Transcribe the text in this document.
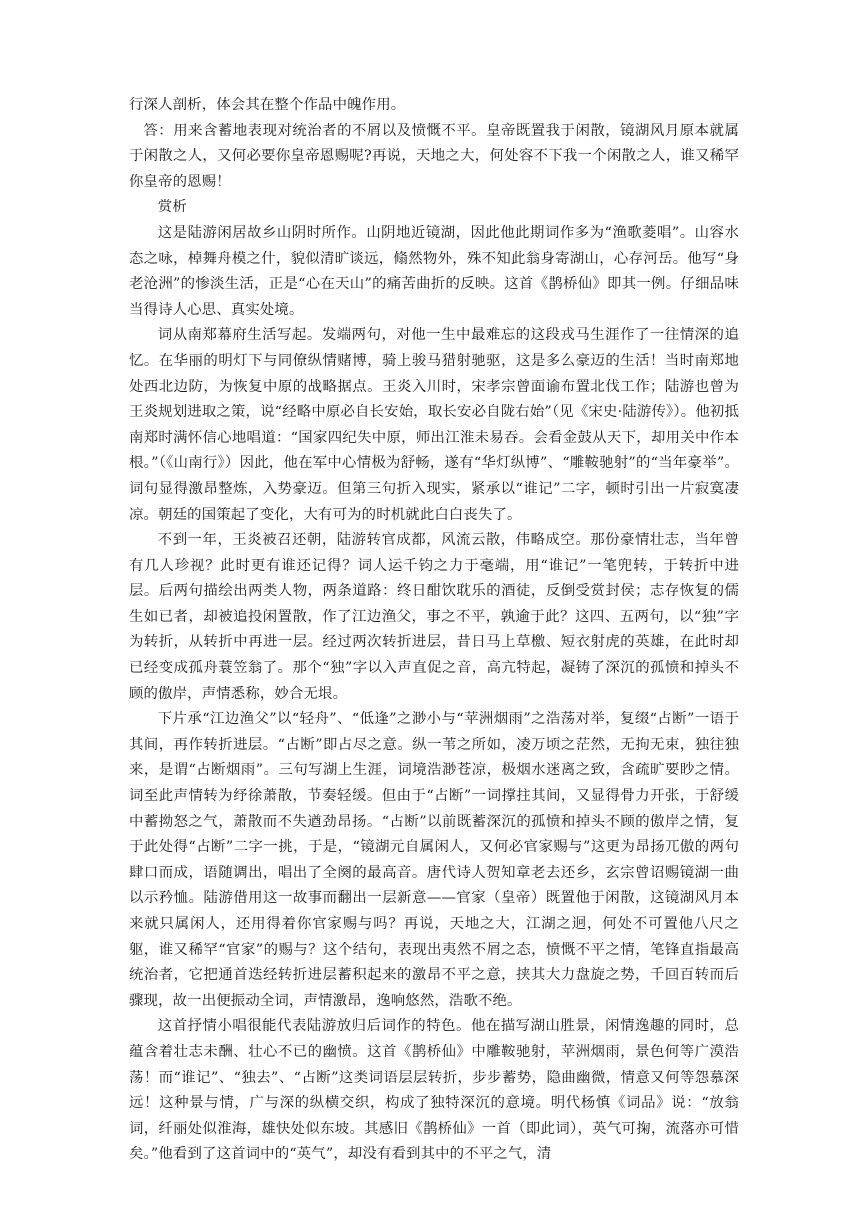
行深人剖析，体会其在整个作品中魄作用。

答：用来含蓄地表现对统治者的不屑以及愤慨不平。皇帝既置我于闲散，镜湖风月原本就属于闲散之人，又何必要你皇帝恩赐呢?再说，天地之大，何处容不下我一个闲散之人，谁又稀罕你皇帝的恩赐！

赏析

这是陆游闲居故乡山阴时所作。山阴地近镜湖，因此他此期词作多为“渔歌菱唱”。山容水态之咏，棹舞舟模之什，貌似清旷谈远，翛然物外，殊不知此翁身寄湖山，心存河岳。他写“身老沧洲”的惨淡生活，正是“心在天山”的痛苦曲折的反映。这首《鹊桥仙》即其一例。仔细品味当得诗人心思、真实处境。

词从南郑幕府生活写起。发端两句，对他一生中最难忘的这段戎马生涯作了一往情深的追忆。在华丽的明灯下与同僚纵情赌博，骑上骏马猎射驰驱，这是多么豪迈的生活！当时南郑地处西北边防，为恢复中原的战略据点。王炎入川时，宋孝宗曾面谕布置北伐工作；陆游也曾为王炎规划进取之策，说“经略中原必自长安始，取长安必自陇右始”（见《宋史·陆游传》）。他初抵南郑时满怀信心地唱道：“国家四纪失中原，师出江淮未易吞。会看金鼓从天下，却用关中作本根。”（《山南行》）因此，他在军中心情极为舒畅，遂有“华灯纵博”、“雕鞍驰射”的“当年豪举”。词句显得激昂整炼，入势豪迈。但第三句折入现实，紧承以“谁记”二字，顿时引出一片寂寞凄凉。朝廷的国策起了变化，大有可为的时机就此白白丧失了。

不到一年，王炎被召还朝，陆游转官成都，风流云散，伟略成空。那份豪情壮志，当年曾有几人珍视？此时更有谁还记得？词人运千钧之力于毫端，用“谁记”一笔兜转，于转折中进层。后两句描绘出两类人物，两条道路：终日酣饮耽乐的酒徒，反倒受赏封侯；志存恢复的儒生如已者，却被追投闲置散，作了江边渔父，事之不平，孰逾于此？这四、五两句，以“独”字为转折，从转折中再进一层。经过两次转折进层，昔日马上草檄、短衣射虎的英雄，在此时却已经变成孤舟蓑笠翁了。那个“独”字以入声直促之音，高亢特起，凝铸了深沉的孤愤和掉头不顾的傲岸，声情悉称，妙合无垠。

下片承“江边渔父”以“轻舟”、“低逢”之渺小与“苹洲烟雨”之浩荡对举，复缀“占断”一语于其间，再作转折进层。“占断”即占尽之意。纵一苇之所如，凌万顷之茫然，无拘无束，独往独来，是谓“占断烟雨”。三句写湖上生涯，词境浩渺苍凉，极烟水迷离之致，含疏旷要眇之情。词至此声情转为纾徐萧散，节奏轻缓。但由于“占断”一词撑拄其间，又显得骨力开张，于舒缓中蓄拗怒之气，萧散而不失遒劲昂扬。“占断”以前既蓄深沉的孤愤和掉头不顾的傲岸之情，复于此处得“占断”二字一挑，于是，“镜湖元自属闲人，又何必官家赐与”这更为昂扬兀傲的两句肆口而成，语随调出，唱出了全阕的最高音。唐代诗人贺知章老去还乡，玄宗曾诏赐镜湖一曲以示矜恤。陆游借用这一故事而翻出一层新意——官家（皇帝）既置他于闲散，这镜湖风月本来就只属闲人，还用得着你官家赐与吗？再说，天地之大，江湖之迥，何处不可置他八尺之躯，谁又稀罕“官家”的赐与？这个结句，表现出夷然不屑之态，愤慨不平之情，笔锋直指最高统治者，它把通首迭经转折进层蓄积起来的激昂不平之意，挟其大力盘旋之势，千回百转而后骤现，故一出便振动全词，声情激昂，逸响悠然，浩歌不绝。

这首抒情小唱很能代表陆游放归后词作的特色。他在描写湖山胜景，闲情逸趣的同时，总蕴含着壮志未酬、壮心不已的幽愤。这首《鹊桥仙》中雕鞍驰射，苹洲烟雨，景色何等广漠浩荡！而“谁记”、“独去”、“占断”这类词语层层转折，步步蓄势，隐曲幽微，情意又何等怨慕深远！这种景与情，广与深的纵横交织，构成了独特深沉的意境。明代杨慎《词品》说：“放翁词，纤丽处似淮海，雄快处似东坡。其感旧《鹊桥仙》一首（即此词），英气可掬，流落亦可惜矣。”他看到了这首词中的“英气”，却没有看到其中的不平之气，清
